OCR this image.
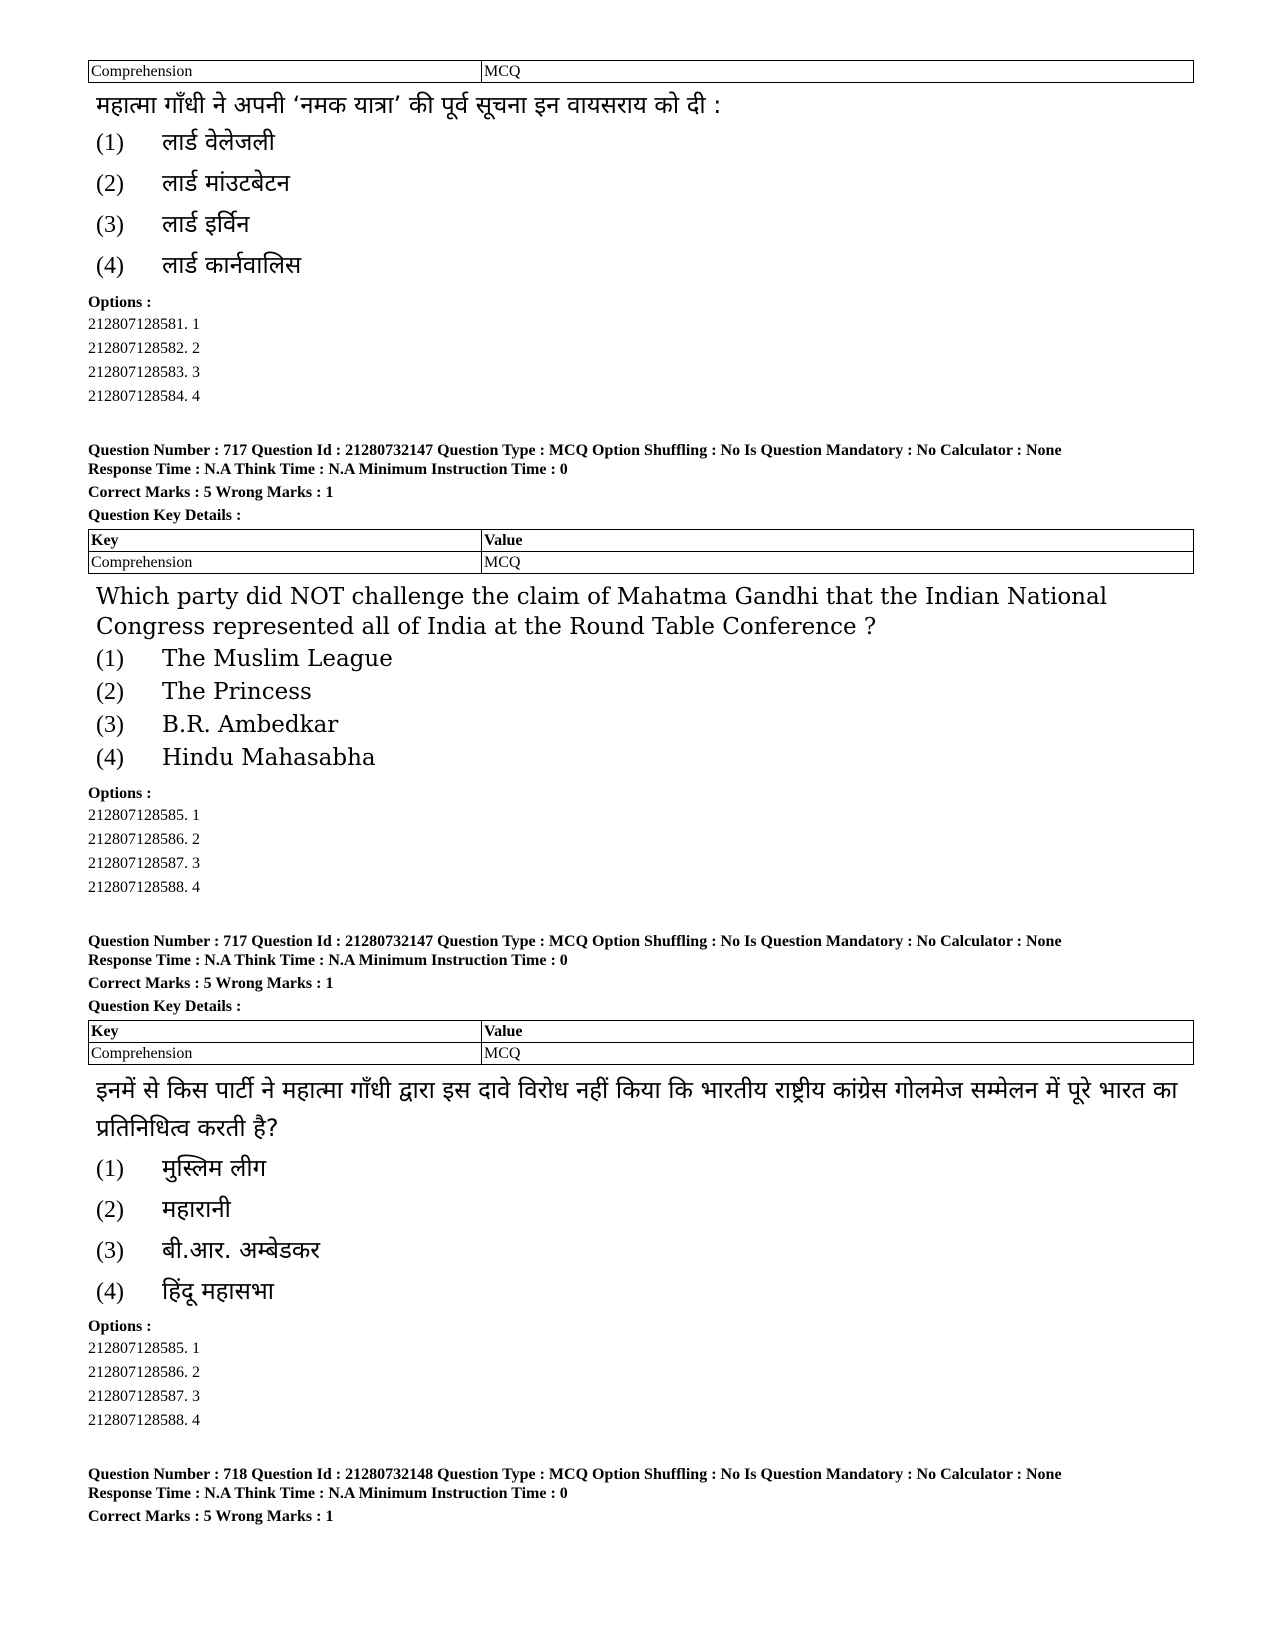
Comprehension	MCQ
महात्मा गाँधी ने अपनी ‘नमक यात्रा’ की पूर्व सूचना इन वायसराय को दी :
(1)	लार्ड वेलेजली
(2)	लार्ड मांउटबेटन
(3)	लार्ड इर्विन
(4)	लार्ड कार्नवालिस
Options :
212807128581. 1
212807128582. 2
212807128583. 3
212807128584. 4
Question Number : 717 Question Id : 21280732147 Question Type : MCQ Option Shuffling : No Is Question Mandatory : No Calculator : None
Response Time : N.A Think Time : N.A Minimum Instruction Time : 0
Correct Marks : 5 Wrong Marks : 1
Question Key Details :
Key	Value
Comprehension	MCQ
Which party did NOT challenge the claim of Mahatma Gandhi that the Indian National Congress represented all of India at the Round Table Conference ?
(1)	The Muslim League
(2)	The Princess
(3)	B.R. Ambedkar
(4)	Hindu Mahasabha
Options :
212807128585. 1
212807128586. 2
212807128587. 3
212807128588. 4
Question Number : 717 Question Id : 21280732147 Question Type : MCQ Option Shuffling : No Is Question Mandatory : No Calculator : None
Response Time : N.A Think Time : N.A Minimum Instruction Time : 0
Correct Marks : 5 Wrong Marks : 1
Question Key Details :
Key	Value
Comprehension	MCQ
इनमें से किस पार्टी ने महात्मा गाँधी द्वारा इस दावे विरोध नहीं किया कि भारतीय राष्ट्रीय कांग्रेस गोलमेज सम्मेलन में पूरे भारत का प्रतिनिधित्व करती है?
(1)	मुस्लिम लीग
(2)	महारानी
(3)	बी.आर. अम्बेडकर
(4)	हिंदू महासभा
Options :
212807128585. 1
212807128586. 2
212807128587. 3
212807128588. 4
Question Number : 718 Question Id : 21280732148 Question Type : MCQ Option Shuffling : No Is Question Mandatory : No Calculator : None
Response Time : N.A Think Time : N.A Minimum Instruction Time : 0
Correct Marks : 5 Wrong Marks : 1
